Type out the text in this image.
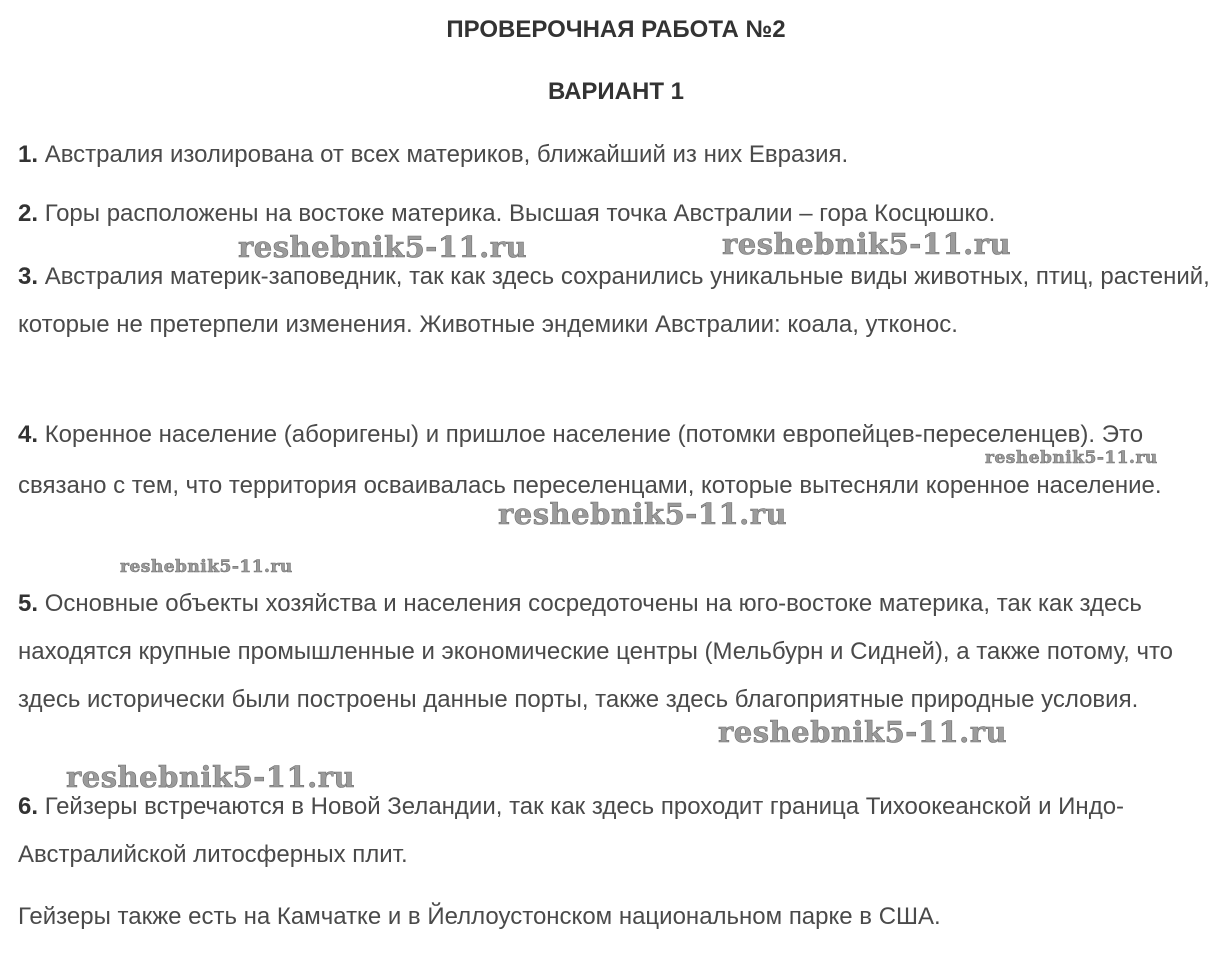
ПРОВЕРОЧНАЯ РАБОТА №2
ВАРИАНТ 1

1. Австралия изолирована от всех материков, ближайший из них Евразия.

2. Горы расположены на востоке материка. Высшая точка Австралии – гора Косцюшко.

3. Австралия материк-заповедник, так как здесь сохранились уникальные виды животных, птиц, растений, которые не претерпели изменения. Животные эндемики Австралии: коала, утконос.

4. Коренное население (аборигены) и пришлое население (потомки европейцев-переселенцев). Это связано с тем, что территория осваивалась переселенцами, которые вытесняли коренное население.

5. Основные объекты хозяйства и населения сосредоточены на юго-востоке материка, так как здесь находятся крупные промышленные и экономические центры (Мельбурн и Сидней), а также потому, что здесь исторически были построены данные порты, также здесь благоприятные природные условия.

6. Гейзеры встречаются в Новой Зеландии, так как здесь проходит граница Тихоокеанской и Индо-Австралийской литосферных плит.

Гейзеры также есть на Камчатке и в Йеллоустонском национальном парке в США.

reshebnik5-11.ru	reshebnik5-11.ru
reshebnik5-11.ru
reshebnik5-11.ru
reshebnik5-11.ru
reshebnik5-11.ru
reshebnik5-11.ru
